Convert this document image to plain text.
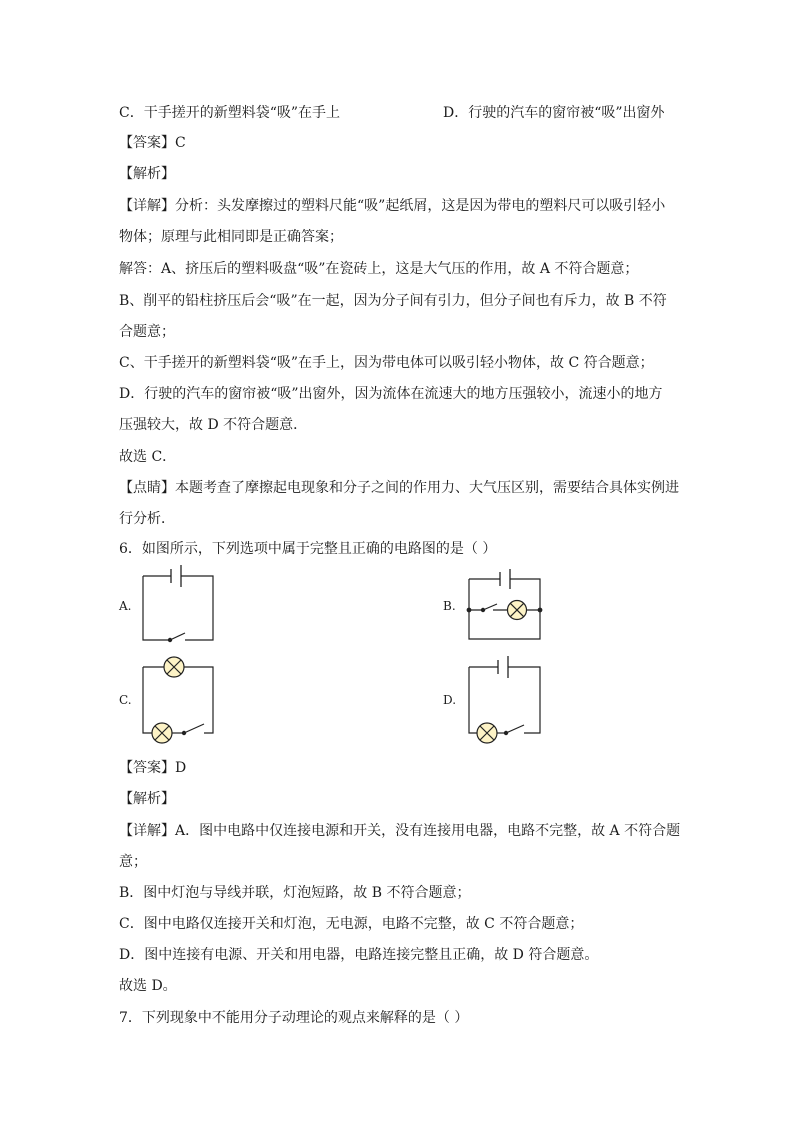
C．干手搓开的新塑料袋“吸”在手上	D．行驶的汽车的窗帘被“吸”出窗外
【答案】C
【解析】
【详解】分析：头发摩擦过的塑料尺能“吸”起纸屑，这是因为带电的塑料尺可以吸引轻小
物体；原理与此相同即是正确答案；
解答：A、挤压后的塑料吸盘“吸”在瓷砖上，这是大气压的作用，故 A 不符合题意；
B、削平的铅柱挤压后会“吸”在一起，因为分子间有引力，但分子间也有斥力，故 B 不符
合题意；
C、干手搓开的新塑料袋“吸”在手上，因为带电体可以吸引轻小物体，故 C 符合题意；
D．行驶的汽车的窗帘被“吸”出窗外，因为流体在流速大的地方压强较小，流速小的地方
压强较大，故 D 不符合题意．
故选 C．
【点睛】本题考查了摩擦起电现象和分子之间的作用力、大气压区别，需要结合具体实例进
行分析．
6．如图所示，下列选项中属于完整且正确的电路图的是（ ）
A.	B.
C.	D.
【答案】D
【解析】
【详解】A．图中电路中仅连接电源和开关，没有连接用电器，电路不完整，故 A 不符合题
意；
B．图中灯泡与导线并联，灯泡短路，故 B 不符合题意；
C．图中电路仅连接开关和灯泡，无电源，电路不完整，故 C 不符合题意；
D．图中连接有电源、开关和用电器，电路连接完整且正确，故 D 符合题意。
故选 D。
7．下列现象中不能用分子动理论的观点来解释的是（ ）
